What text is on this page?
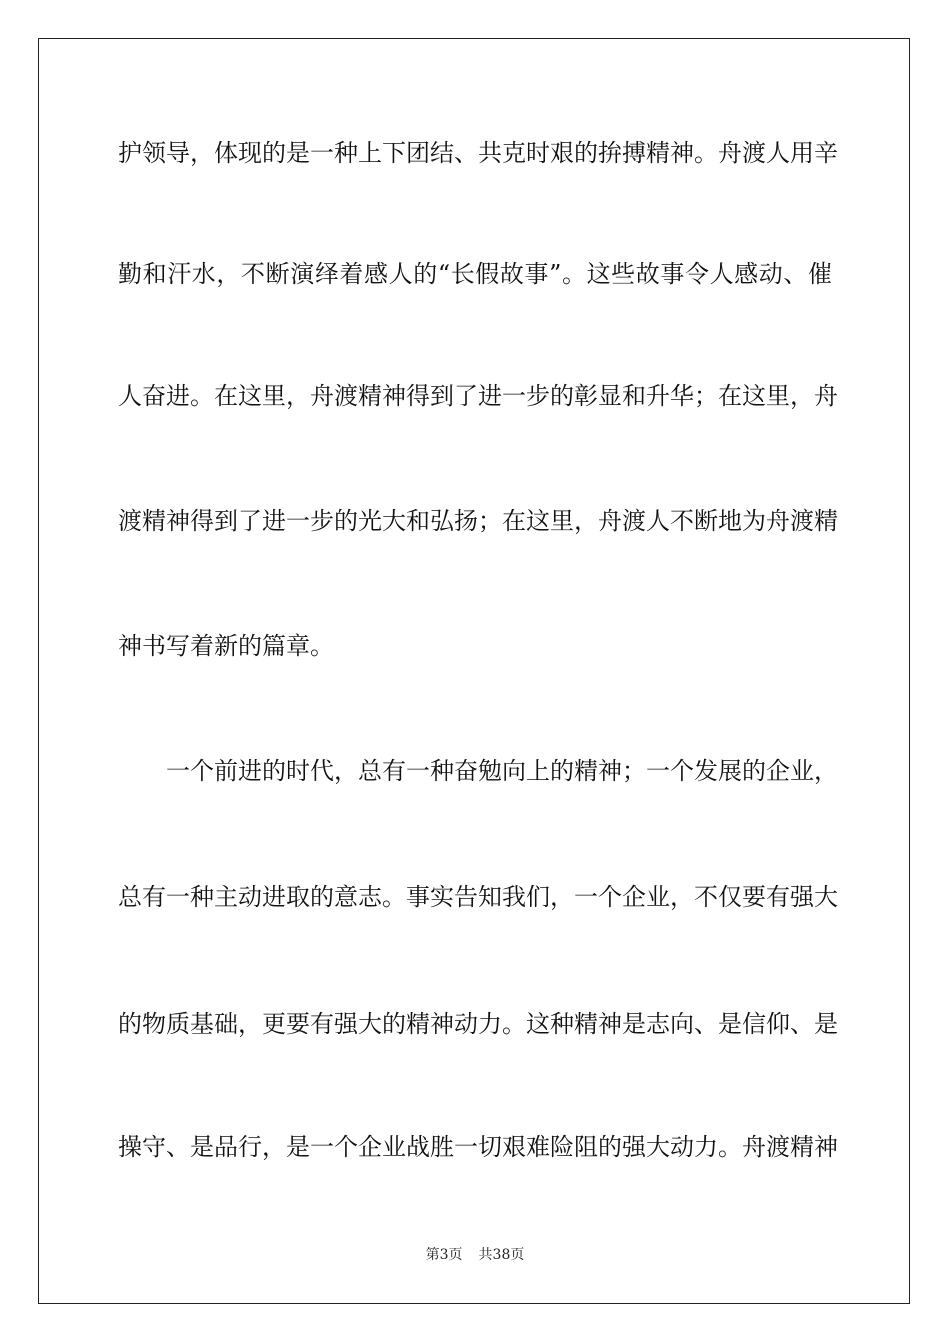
护领导，体现的是一种上下团结、共克时艰的拚搏精神。舟渡人用辛
勤和汗水，不断演绎着感人的“长假故事”。这些故事令人感动、催
人奋进。在这里，舟渡精神得到了进一步的彰显和升华；在这里，舟
渡精神得到了进一步的光大和弘扬；在这里，舟渡人不断地为舟渡精
神书写着新的篇章。
一个前进的时代，总有一种奋勉向上的精神；一个发展的企业，
总有一种主动进取的意志。事实告知我们，一个企业，不仅要有强大
的物质基础，更要有强大的精神动力。这种精神是志向、是信仰、是
操守、是品行，是一个企业战胜一切艰难险阻的强大动力。舟渡精神
第3页 共38页
